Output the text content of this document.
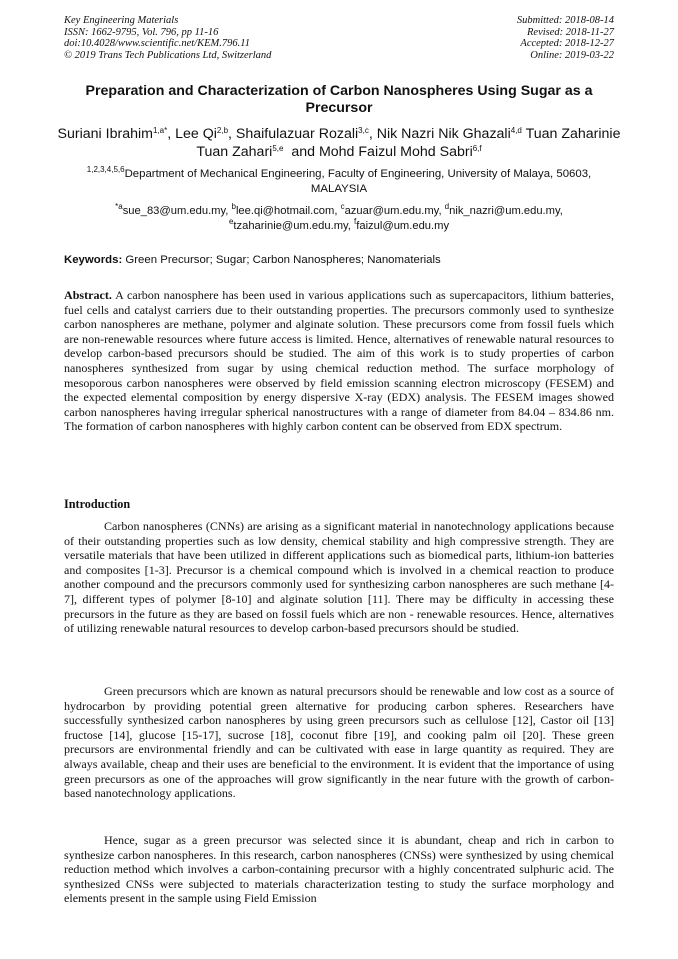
Key Engineering Materials
ISSN: 1662-9795, Vol. 796, pp 11-16
doi:10.4028/www.scientific.net/KEM.796.11
© 2019 Trans Tech Publications Ltd, Switzerland
Submitted: 2018-08-14
Revised: 2018-11-27
Accepted: 2018-12-27
Online: 2019-03-22
Preparation and Characterization of Carbon Nanospheres Using Sugar as a Precursor
Suriani Ibrahim$^{1,a*}$, Lee Qi$^{2,b}$, Shaifulazuar Rozali$^{3,c}$, Nik Nazri Nik Ghazali$^{4,d}$ Tuan Zaharinie Tuan Zahari$^{5,e}$  and Mohd Faizul Mohd Sabri$^{6,f}$
$^{1,2,3,4,5,6}$Department of Mechanical Engineering, Faculty of Engineering, University of Malaya, 50603, MALAYSIA
$^{*a}$sue_83@um.edu.my, $^b$lee.qi@hotmail.com, $^c$azuar@um.edu.my, $^d$nik_nazri@um.edu.my, $^e$tzaharinie@um.edu.my, $^f$faizul@um.edu.my
Keywords: Green Precursor; Sugar; Carbon Nanospheres; Nanomaterials
Abstract. A carbon nanosphere has been used in various applications such as supercapacitors, lithium batteries, fuel cells and catalyst carriers due to their outstanding properties. The precursors commonly used to synthesize carbon nanospheres are methane, polymer and alginate solution. These precursors come from fossil fuels which are non-renewable resources where future access is limited. Hence, alternatives of renewable natural resources to develop carbon-based precursors should be studied. The aim of this work is to study properties of carbon nanospheres synthesized from sugar by using chemical reduction method. The surface morphology of mesoporous carbon nanospheres were observed by field emission scanning electron microscopy (FESEM) and the expected elemental composition by energy dispersive X-ray (EDX) analysis. The FESEM images showed carbon nanospheres having irregular spherical nanostructures with a range of diameter from 84.04 – 834.86 nm. The formation of carbon nanospheres with highly carbon content can be observed from EDX spectrum.
Introduction
Carbon nanospheres (CNNs) are arising as a significant material in nanotechnology applications because of their outstanding properties such as low density, chemical stability and high compressive strength. They are versatile materials that have been utilized in different applications such as biomedical parts, lithium-ion batteries and composites [1-3]. Precursor is a chemical compound which is involved in a chemical reaction to produce another compound and the precursors commonly used for synthesizing carbon nanospheres are such methane [4-7], different types of polymer [8-10] and alginate solution [11]. There may be difficulty in accessing these precursors in the future as they are based on fossil fuels which are non - renewable resources. Hence, alternatives of utilizing renewable natural resources to develop carbon-based precursors should be studied.
Green precursors which are known as natural precursors should be renewable and low cost as a source of hydrocarbon by providing potential green alternative for producing carbon spheres. Researchers have successfully synthesized carbon nanospheres by using green precursors such as cellulose [12], Castor oil [13] fructose [14], glucose [15-17], sucrose [18], coconut fibre [19], and cooking palm oil [20]. These green precursors are environmental friendly and can be cultivated with ease in large quantity as required. They are always available, cheap and their uses are beneficial to the environment. It is evident that the importance of using green precursors as one of the approaches will grow significantly in the near future with the growth of carbon-based nanotechnology applications.
Hence, sugar as a green precursor was selected since it is abundant, cheap and rich in carbon to synthesize carbon nanospheres. In this research, carbon nanospheres (CNSs) were synthesized by using chemical reduction method which involves a carbon-containing precursor with a highly concentrated sulphuric acid. The synthesized CNSs were subjected to materials characterization testing to study the surface morphology and elements present in the sample using Field Emission
